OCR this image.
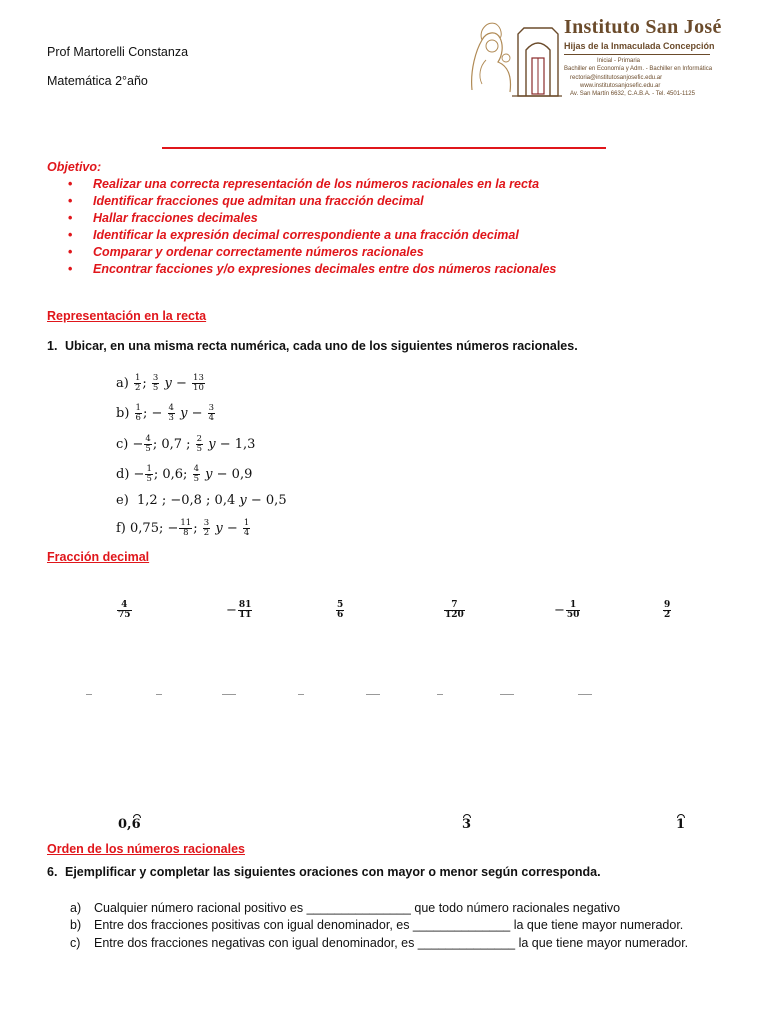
Prof Martorelli Constanza
Matemática 2°año
Instituto San José
Hijas de la Inmaculada Concepción
Inicial - Primaria
Bachiller en Economía y Adm. - Bachiller en Informática
rectoria@institutosanjosefic.edu.ar
www.institutosanjosefic.edu.ar
Av. San Martín 6632, C.A.B.A. - Tel. 4501-1125
Objetivo:
• Realizar una correcta representación de los números racionales en la recta
• Identificar fracciones que admitan una fracción decimal
• Hallar fracciones decimales
• Identificar la expresión decimal correspondiente a una fracción decimal
• Comparar y ordenar correctamente números racionales
• Encontrar facciones y/o expresiones decimales entre dos números racionales
Representación en la recta
1. Ubicar, en una misma recta numérica, cada uno de los siguientes números racionales.
$a) \frac{1}{2}$ ; $\frac{3}{5}$ $y - \frac{13}{10}$
$b) \frac{1}{6}$ ; − $\frac{4}{3}$ $y - \frac{3}{4}$
$c) - \frac{4}{5}$ ; 0,7 ; $\frac{2}{5}$ y − 1,3
$d) - \frac{1}{5}$ ; 0,6; $\frac{4}{5}$ y − 0,9
e) 1,2 ; −0,8 ; 0,4 y − 0,5
f) 0,75; − $\frac{11}{8}$ ; $\frac{3}{2}$ $y - \frac{1}{4}$
Fracción decimal
$\frac{4}{75}$	− $\frac{81}{11}$	$\frac{5}{6}$	$\frac{7}{120}$	− $\frac{1}{50}$	$\frac{9}{2}$
0,6	3	1
Orden de los números racionales
6. Ejemplificar y completar las siguientes oraciones con mayor o menor según corresponda.
a) Cualquier número racional positivo es _______________ que todo número racionales negativo
b) Entre dos fracciones positivas con igual denominador, es ______________ la que tiene mayor numerador.
c) Entre dos fracciones negativas con igual denominador, es ______________ la que tiene mayor numerador.
